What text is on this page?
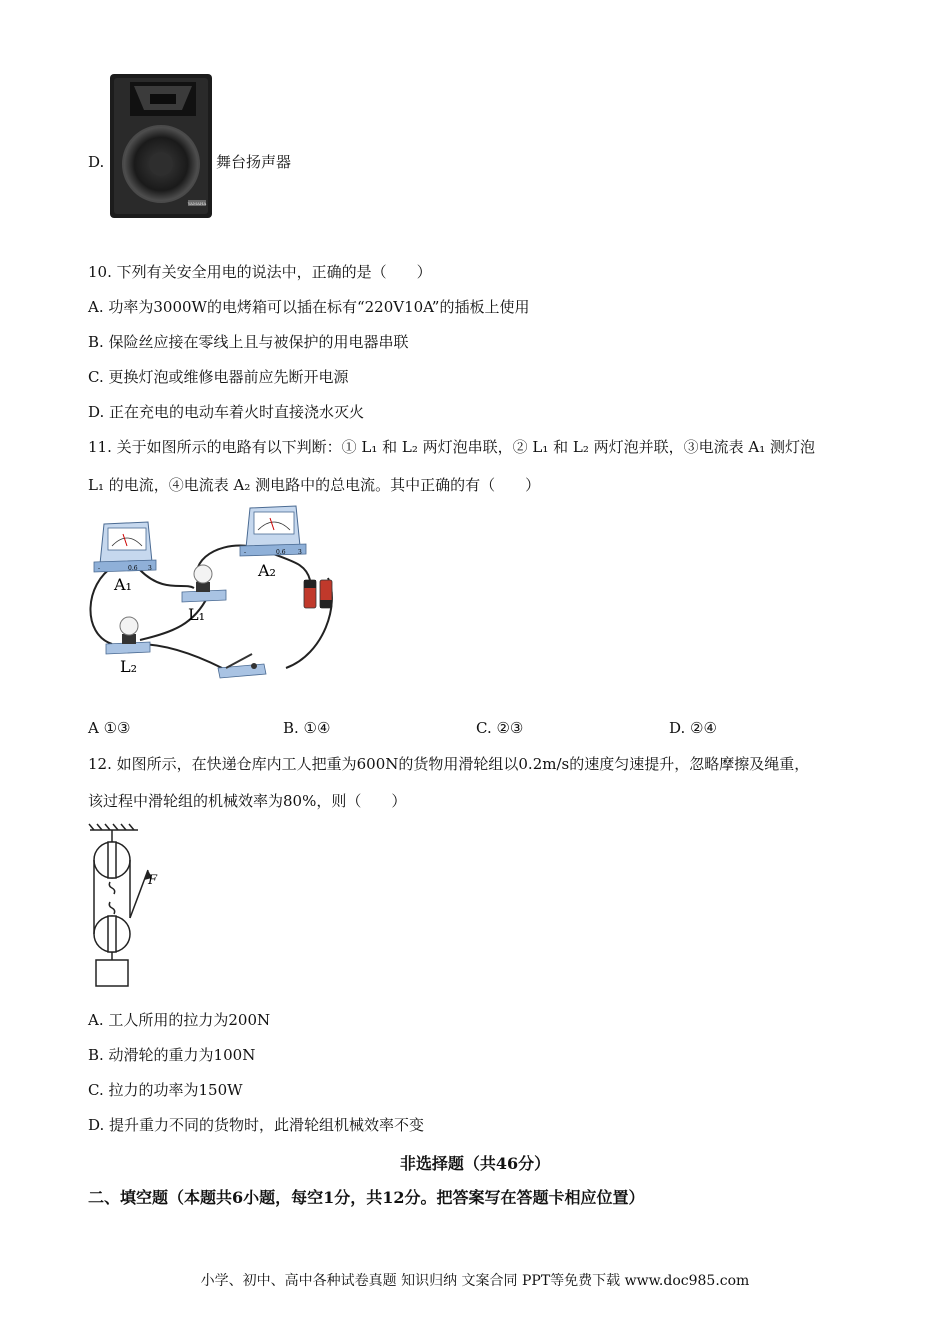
D.
YAMAHA
舞台扬声器
10. 下列有关安全用电的说法中，正确的是（　　）
A. 功率为3000W的电烤箱可以插在标有“220V10A”的插板上使用
B. 保险丝应接在零线上且与被保护的用电器串联
C. 更换灯泡或维修电器前应先断开电源
D. 正在充电的电动车着火时直接浇水灭火
11. 关于如图所示的电路有以下判断：① L₁ 和 L₂ 两灯泡串联，② L₁ 和 L₂ 两灯泡并联，③电流表 A₁ 测灯泡
L₁ 的电流，④电流表 A₂ 测电路中的总电流。其中正确的有（　　）
-	0.6 3
A₁
L₁
-	0.6 3
A₂
L₂
A ①③	B. ①④	C. ②③	D. ②④
12. 如图所示，在快递仓库内工人把重为600N的货物用滑轮组以0.2m/s的速度匀速提升，忽略摩擦及绳重，
该过程中滑轮组的机械效率为80%，则（　　）
F
A. 工人所用的拉力为200N
B. 动滑轮的重力为100N
C. 拉力的功率为150W
D. 提升重力不同的货物时，此滑轮组机械效率不变
非选择题（共46分）
二、填空题（本题共6小题，每空1分，共12分。把答案写在答题卡相应位置）
小学、初中、高中各种试卷真题 知识归纳 文案合同 PPT等免费下载 www.doc985.com
